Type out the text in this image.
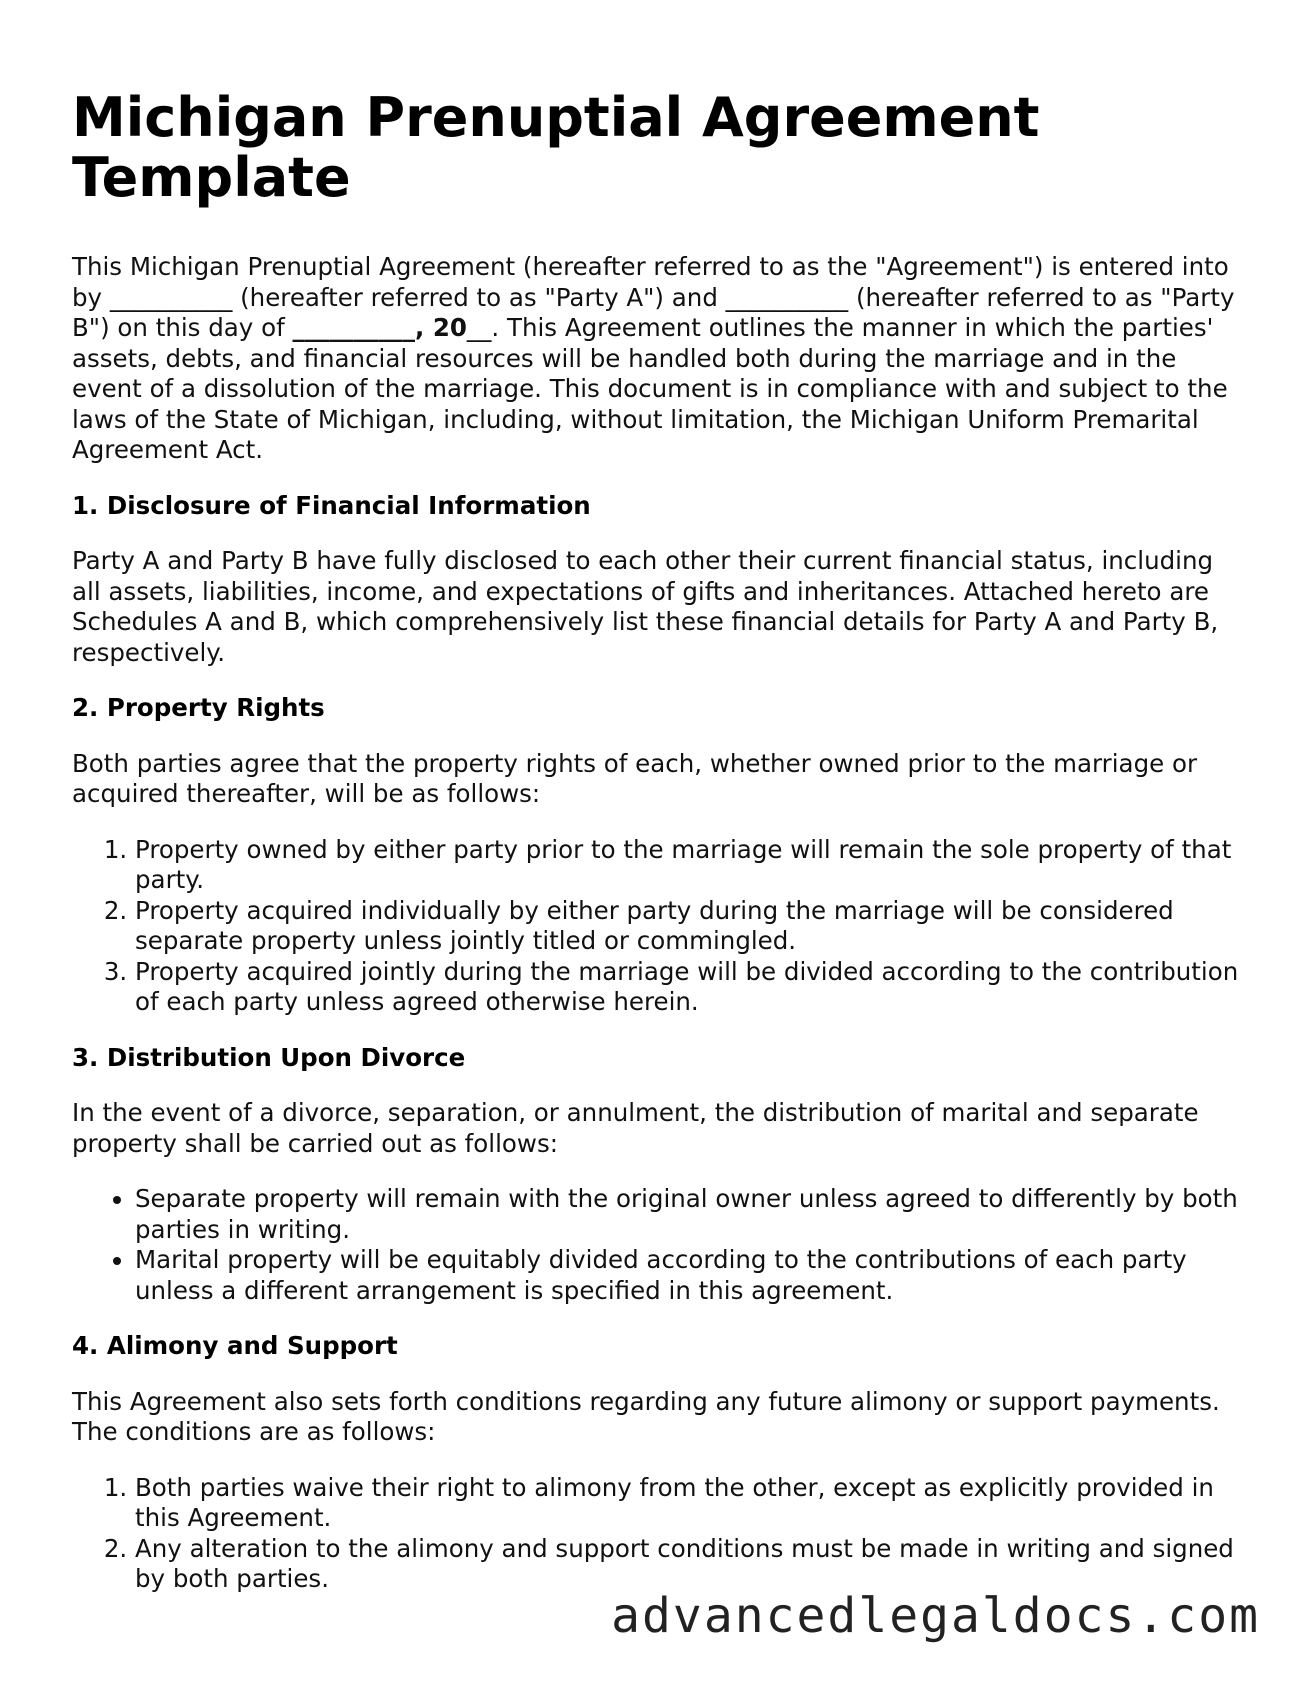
Michigan Prenuptial Agreement Template

This Michigan Prenuptial Agreement (hereafter referred to as the "Agreement") is entered into by __________ (hereafter referred to as "Party A") and __________ (hereafter referred to as "Party B") on this day of __________, 20__. This Agreement outlines the manner in which the parties' assets, debts, and financial resources will be handled both during the marriage and in the event of a dissolution of the marriage. This document is in compliance with and subject to the laws of the State of Michigan, including, without limitation, the Michigan Uniform Premarital Agreement Act.

1. Disclosure of Financial Information

Party A and Party B have fully disclosed to each other their current financial status, including all assets, liabilities, income, and expectations of gifts and inheritances. Attached hereto are Schedules A and B, which comprehensively list these financial details for Party A and Party B, respectively.

2. Property Rights

Both parties agree that the property rights of each, whether owned prior to the marriage or acquired thereafter, will be as follows:

1. Property owned by either party prior to the marriage will remain the sole property of that party.
2. Property acquired individually by either party during the marriage will be considered separate property unless jointly titled or commingled.
3. Property acquired jointly during the marriage will be divided according to the contribution of each party unless agreed otherwise herein.
3. Distribution Upon Divorce

In the event of a divorce, separation, or annulment, the distribution of marital and separate property shall be carried out as follows:

• Separate property will remain with the original owner unless agreed to differently by both parties in writing.
• Marital property will be equitably divided according to the contributions of each party unless a different arrangement is specified in this agreement.
4. Alimony and Support

This Agreement also sets forth conditions regarding any future alimony or support payments. The conditions are as follows:

1. Both parties waive their right to alimony from the other, except as explicitly provided in this Agreement.
2. Any alteration to the alimony and support conditions must be made in writing and signed by both parties.
advancedlegaldocs.com
